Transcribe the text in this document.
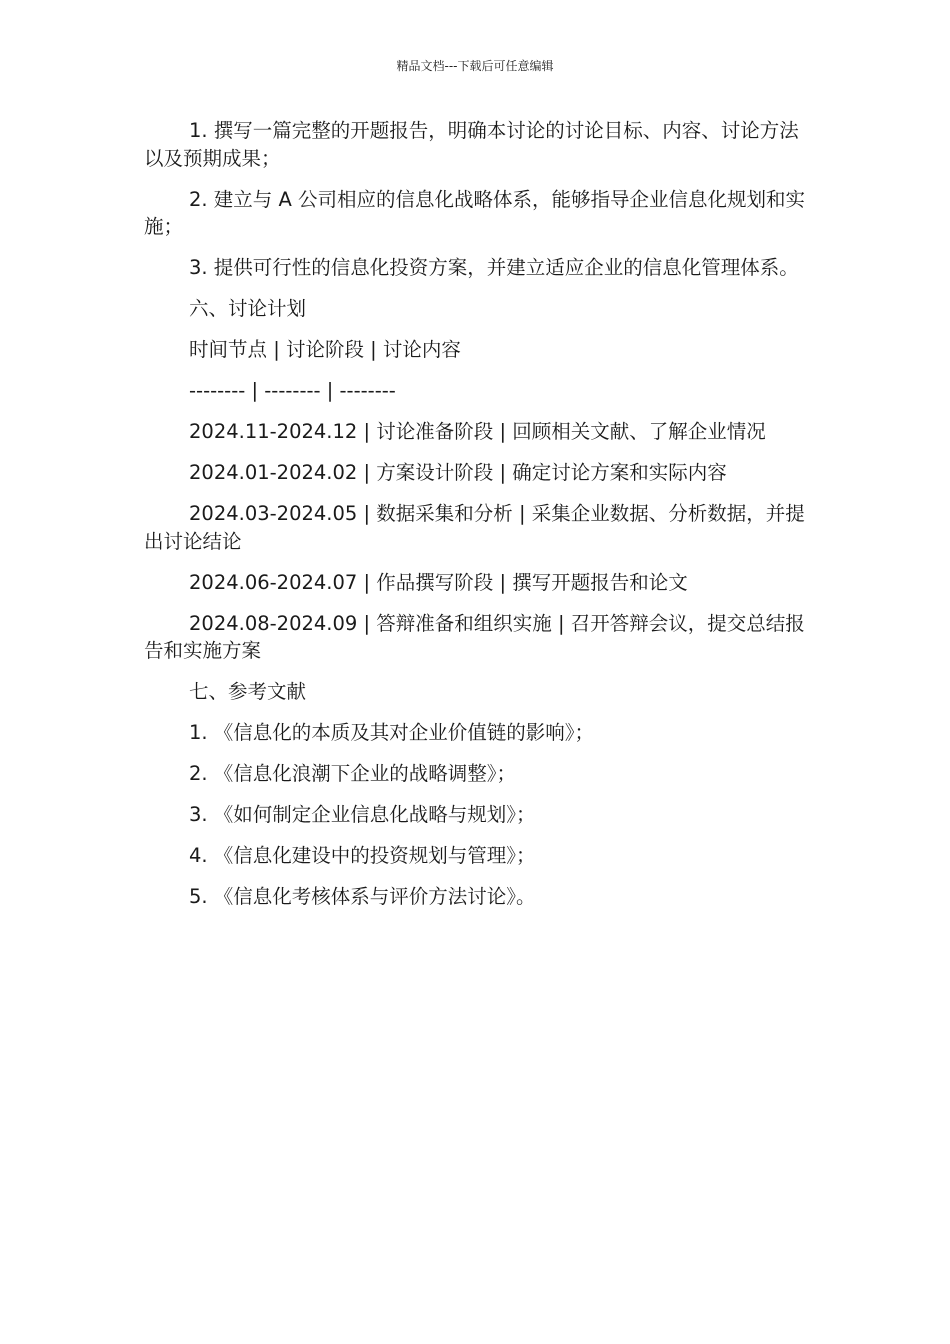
精品文档---下载后可任意编辑

1. 撰写一篇完整的开题报告，明确本讨论的讨论目标、内容、讨论方法以及预期成果；

2. 建立与 A 公司相应的信息化战略体系，能够指导企业信息化规划和实施；

3. 提供可行性的信息化投资方案，并建立适应企业的信息化管理体系。

六、讨论计划

时间节点 | 讨论阶段 | 讨论内容

-------- | -------- | --------

2024.11-2024.12 | 讨论准备阶段 | 回顾相关文献、了解企业情况

2024.01-2024.02 | 方案设计阶段 | 确定讨论方案和实际内容

2024.03-2024.05 | 数据采集和分析 | 采集企业数据、分析数据，并提出讨论结论

2024.06-2024.07 | 作品撰写阶段 | 撰写开题报告和论文

2024.08-2024.09 | 答辩准备和组织实施 | 召开答辩会议，提交总结报告和实施方案

七、参考文献

1. 《信息化的本质及其对企业价值链的影响》；

2. 《信息化浪潮下企业的战略调整》；

3. 《如何制定企业信息化战略与规划》；

4. 《信息化建设中的投资规划与管理》；

5. 《信息化考核体系与评价方法讨论》。
